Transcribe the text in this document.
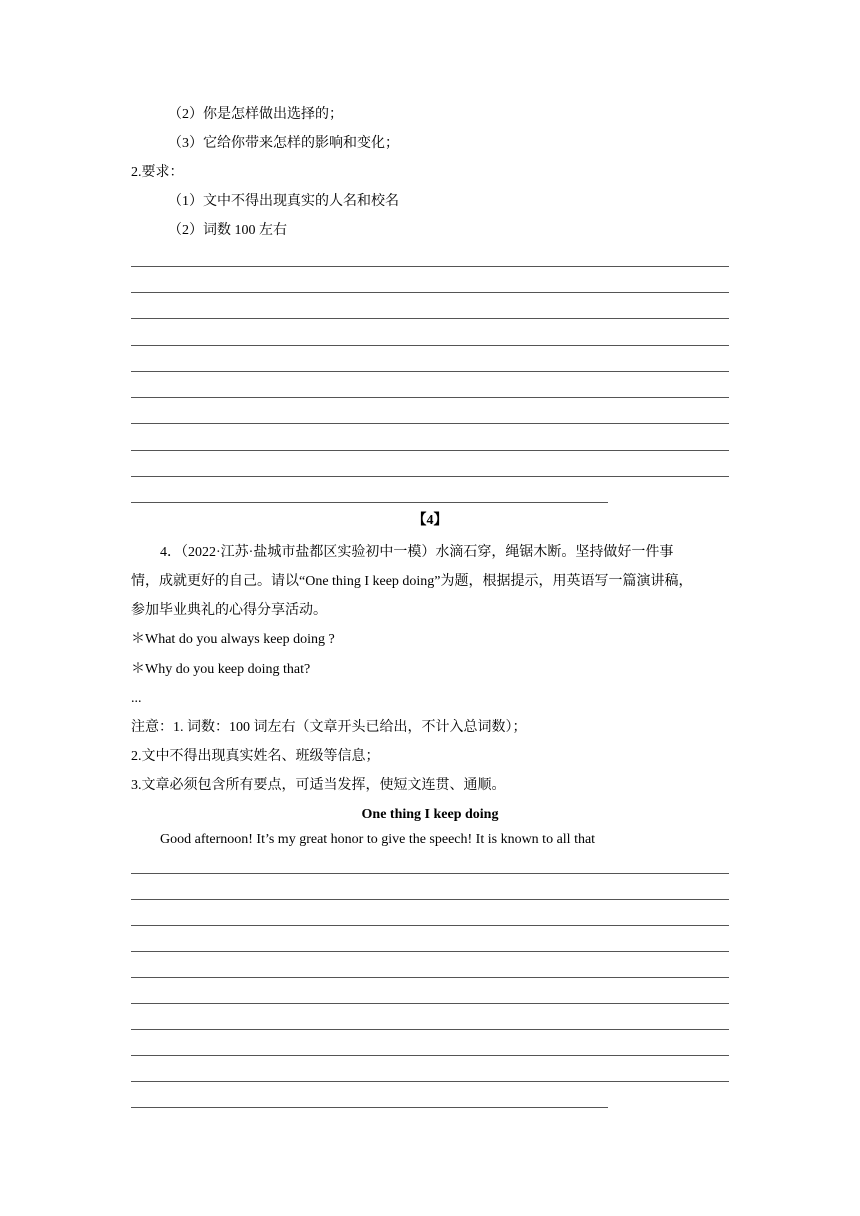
（2）你是怎样做出选择的；
（3）它给你带来怎样的影响和变化；
2.要求：
（1）文中不得出现真实的人名和校名
（2）词数 100 左右
【4】
4．（2022·江苏·盐城市盐都区实验初中一模）水滴石穿，绳锯木断。坚持做好一件事
情，成就更好的自己。请以“One thing I keep doing”为题，根据提示，用英语写一篇演讲稿，
参加毕业典礼的心得分享活动。
＊What do you always keep doing ?
＊Why do you keep doing that?
...
注意：1. 词数：100 词左右（文章开头已给出，不计入总词数）；
2.文中不得出现真实姓名、班级等信息；
3.文章必须包含所有要点，可适当发挥，使短文连贯、通顺。
One thing I keep doing
Good afternoon! It’s my great honor to give the speech! It is known to all that
